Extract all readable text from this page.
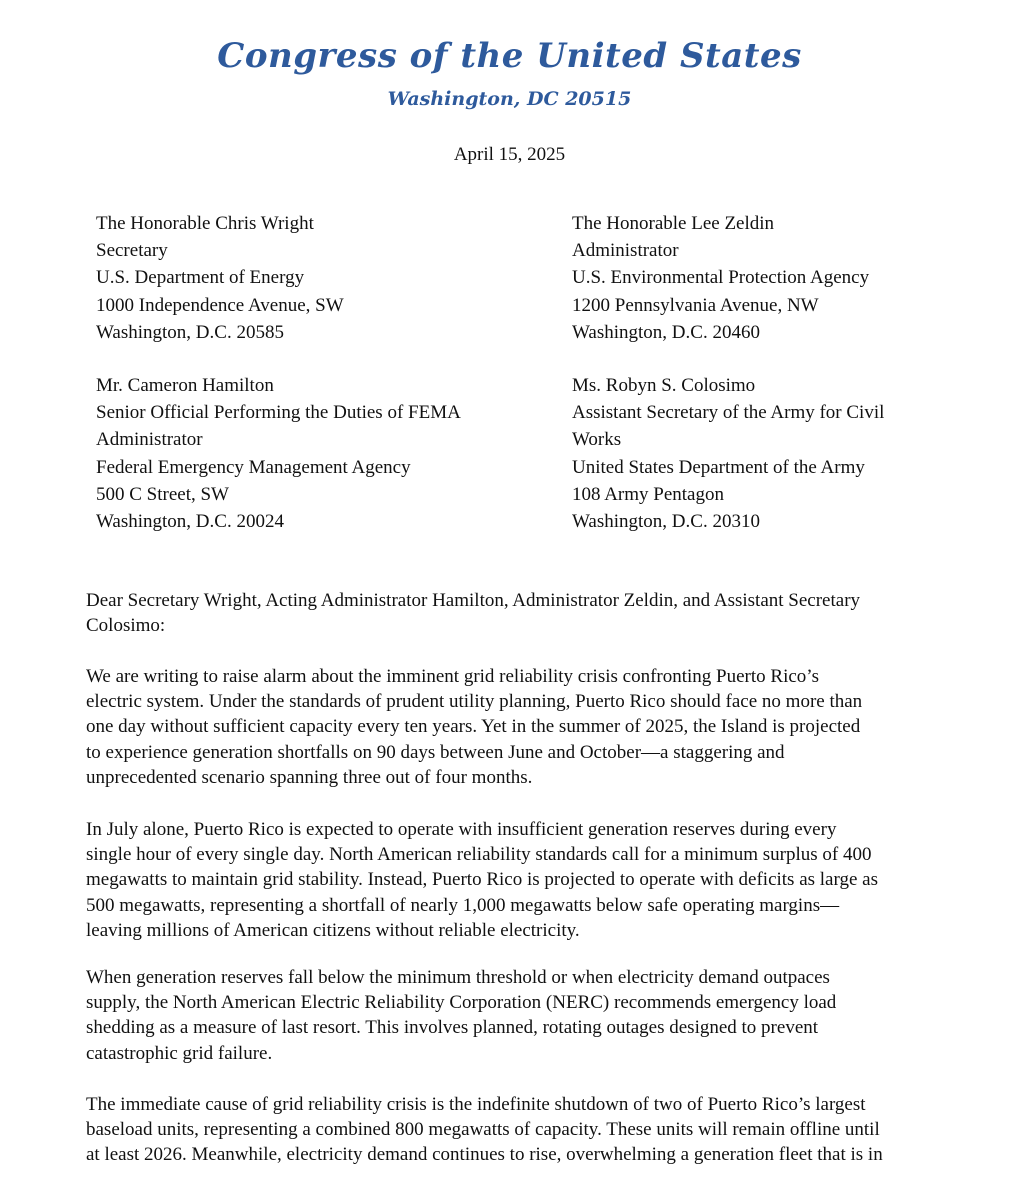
Congress of the United States
Washington, DC 20515
April 15, 2025
The Honorable Chris Wright
Secretary
U.S. Department of Energy
1000 Independence Avenue, SW
Washington, D.C. 20585
The Honorable Lee Zeldin
Administrator
U.S. Environmental Protection Agency
1200 Pennsylvania Avenue, NW
Washington, D.C. 20460
Mr. Cameron Hamilton
Senior Official Performing the Duties of FEMA
Administrator
Federal Emergency Management Agency
500 C Street, SW
Washington, D.C. 20024
Ms. Robyn S. Colosimo
Assistant Secretary of the Army for Civil
Works
United States Department of the Army
108 Army Pentagon
Washington, D.C. 20310
Dear Secretary Wright, Acting Administrator Hamilton, Administrator Zeldin, and Assistant Secretary
Colosimo:
We are writing to raise alarm about the imminent grid reliability crisis confronting Puerto Rico’s
electric system. Under the standards of prudent utility planning, Puerto Rico should face no more than
one day without sufficient capacity every ten years. Yet in the summer of 2025, the Island is projected
to experience generation shortfalls on 90 days between June and October—a staggering and
unprecedented scenario spanning three out of four months.
In July alone, Puerto Rico is expected to operate with insufficient generation reserves during every
single hour of every single day. North American reliability standards call for a minimum surplus of 400
megawatts to maintain grid stability. Instead, Puerto Rico is projected to operate with deficits as large as
500 megawatts, representing a shortfall of nearly 1,000 megawatts below safe operating margins—
leaving millions of American citizens without reliable electricity.
When generation reserves fall below the minimum threshold or when electricity demand outpaces
supply, the North American Electric Reliability Corporation (NERC) recommends emergency load
shedding as a measure of last resort. This involves planned, rotating outages designed to prevent
catastrophic grid failure.
The immediate cause of grid reliability crisis is the indefinite shutdown of two of Puerto Rico’s largest
baseload units, representing a combined 800 megawatts of capacity. These units will remain offline until
at least 2026. Meanwhile, electricity demand continues to rise, overwhelming a generation fleet that is in
